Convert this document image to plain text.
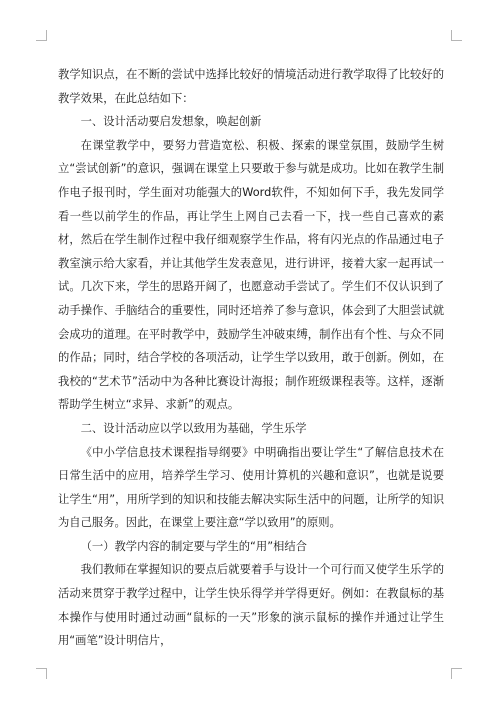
教学知识点，在不断的尝试中选择比较好的情境活动进行教学取得了比较好的教学效果，在此总结如下：

一、设计活动要启发想象，唤起创新

在课堂教学中，要努力营造宽松、积极、探索的课堂氛围，鼓励学生树立“尝试创新”的意识，强调在课堂上只要敢于参与就是成功。比如在教学生制作电子报刊时，学生面对功能强大的Word软件，不知如何下手，我先发同学看一些以前学生的作品，再让学生上网自己去看一下，找一些自己喜欢的素材，然后在学生制作过程中我仔细观察学生作品，将有闪光点的作品通过电子教室演示给大家看，并让其他学生发表意见，进行讲评，接着大家一起再试一试。几次下来，学生的思路开阔了，也愿意动手尝试了。学生们不仅认识到了动手操作、手脑结合的重要性，同时还培养了参与意识，体会到了大胆尝试就会成功的道理。在平时教学中，鼓励学生冲破束缚，制作出有个性、与众不同的作品；同时，结合学校的各项活动，让学生学以致用，敢于创新。例如，在我校的“艺术节”活动中为各种比赛设计海报；制作班级课程表等。这样，逐渐帮助学生树立“求异、求新”的观点。

二、设计活动应以学以致用为基础，学生乐学

《中小学信息技术课程指导纲要》中明确指出要让学生“了解信息技术在日常生活中的应用，培养学生学习、使用计算机的兴趣和意识”，也就是说要让学生“用”，用所学到的知识和技能去解决实际生活中的问题，让所学的知识为自己服务。因此，在课堂上要注意“学以致用”的原则。

（一）教学内容的制定要与学生的“用”相结合

我们教师在掌握知识的要点后就要着手与设计一个可行而又使学生乐学的活动来贯穿于教学过程中，让学生快乐得学并学得更好。例如：在教鼠标的基本操作与使用时通过动画“鼠标的一天”形象的演示鼠标的操作并通过让学生用“画笔”设计明信片，
